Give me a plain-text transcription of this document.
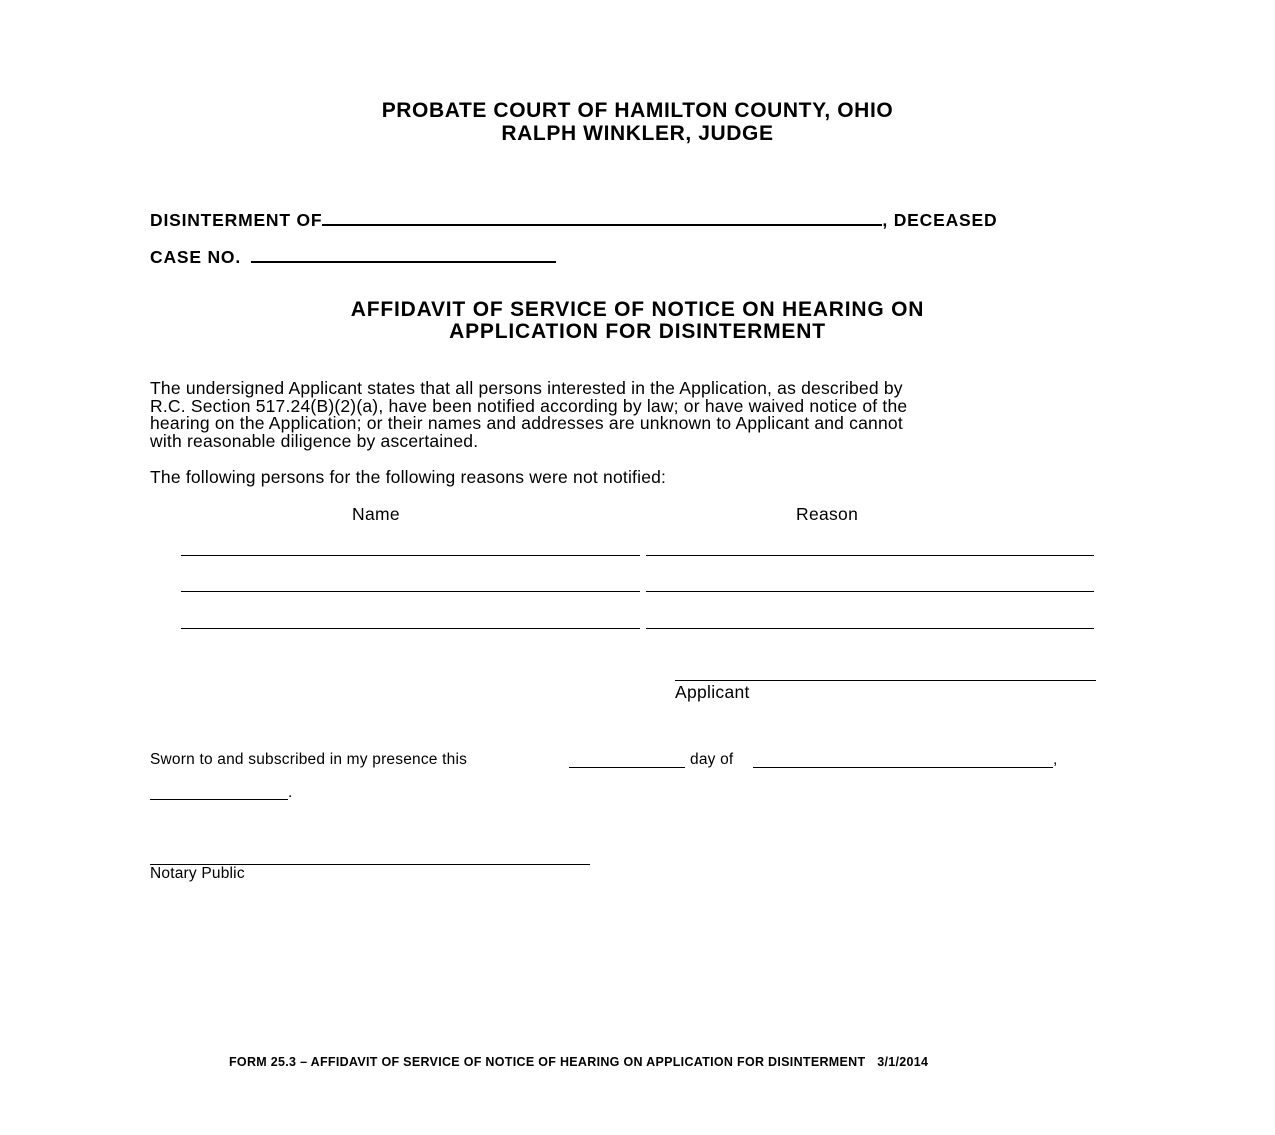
PROBATE COURT OF HAMILTON COUNTY, OHIO
RALPH WINKLER, JUDGE
DISINTERMENT OF	, DECEASED
CASE NO.
AFFIDAVIT OF SERVICE OF NOTICE ON HEARING ON
APPLICATION FOR DISINTERMENT
The undersigned Applicant states that all persons interested in the Application, as described by
R.C. Section 517.24(B)(2)(a), have been notified according by law; or have waived notice of the
hearing on the Application; or their names and addresses are unknown to Applicant and cannot
with reasonable diligence by ascertained.
The following persons for the following reasons were not notified:
Name	Reason
Applicant
Sworn to and subscribed in my presence this	day of	,
.
Notary Public
FORM 25.3 – AFFIDAVIT OF SERVICE OF NOTICE OF HEARING ON APPLICATION FOR DISINTERMENT 3/1/2014
